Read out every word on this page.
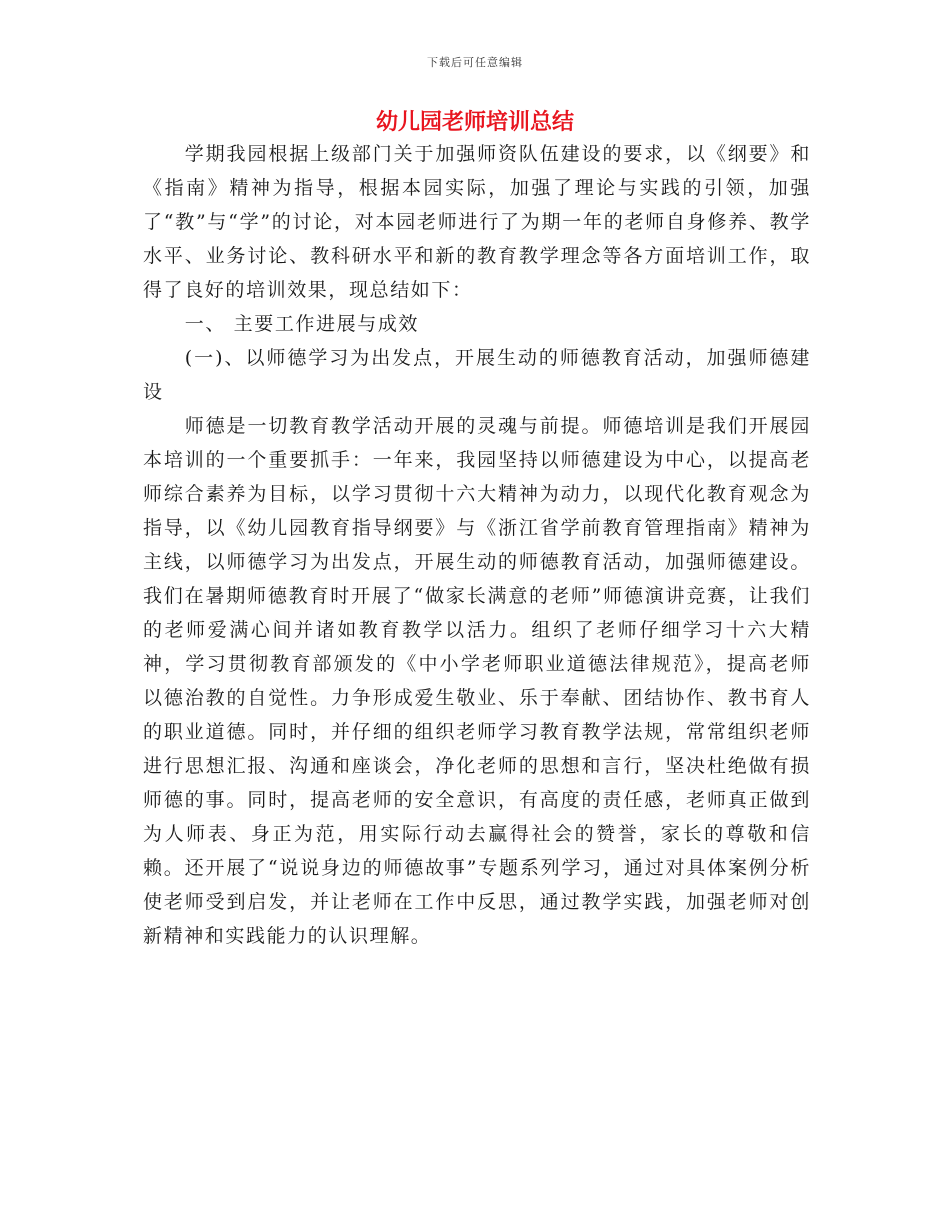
下载后可任意编辑
幼儿园老师培训总结

学期我园根据上级部门关于加强师资队伍建设的要求，以《纲要》和《指南》精神为指导，根据本园实际，加强了理论与实践的引领，加强了“教”与“学”的讨论，对本园老师进行了为期一年的老师自身修养、教学水平、业务讨论、教科研水平和新的教育教学理念等各方面培训工作，取得了良好的培训效果，现总结如下：

一、 主要工作进展与成效

(一)、以师德学习为出发点，开展生动的师德教育活动，加强师德建设

师德是一切教育教学活动开展的灵魂与前提。师德培训是我们开展园本培训的一个重要抓手：一年来，我园坚持以师德建设为中心，以提高老师综合素养为目标，以学习贯彻十六大精神为动力，以现代化教育观念为指导，以《幼儿园教育指导纲要》与《浙江省学前教育管理指南》精神为主线，以师德学习为出发点，开展生动的师德教育活动，加强师德建设。我们在暑期师德教育时开展了“做家长满意的老师”师德演讲竞赛，让我们的老师爱满心间并诸如教育教学以活力。组织了老师仔细学习十六大精神，学习贯彻教育部颁发的《中小学老师职业道德法律规范》，提高老师以德治教的自觉性。力争形成爱生敬业、乐于奉献、团结协作、教书育人的职业道德。同时，并仔细的组织老师学习教育教学法规，常常组织老师进行思想汇报、沟通和座谈会，净化老师的思想和言行，坚决杜绝做有损师德的事。同时，提高老师的安全意识，有高度的责任感，老师真正做到为人师表、身正为范，用实际行动去赢得社会的赞誉，家长的尊敬和信赖。还开展了“说说身边的师德故事”专题系列学习，通过对具体案例分析使老师受到启发，并让老师在工作中反思，通过教学实践，加强老师对创新精神和实践能力的认识理解。
